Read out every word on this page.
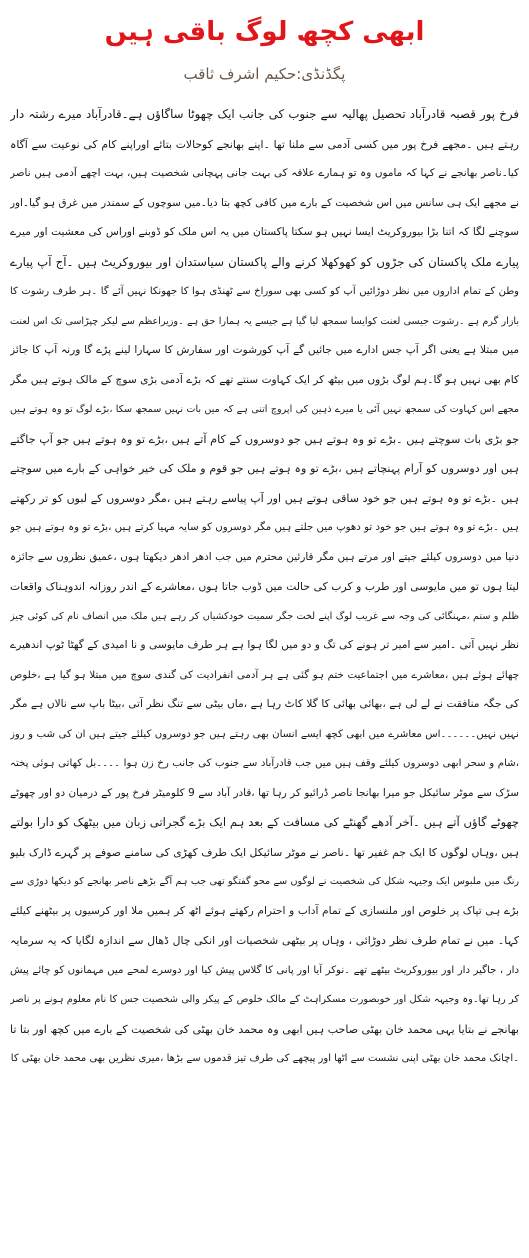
ابھی کچھ لوگ باقی ہیں
پگڈنڈی:حکیم اشرف ثاقب
فرخ پور قصبہ قادرآباد تحصیل پھالیہ سے جنوب کی جانب ایک چھوٹا ساگاؤں ہے۔قادرآباد میرے رشتہ دار
رہتے ہیں ۔مجھے فرخ پور میں کسی آدمی سے ملنا تھا ۔اپنے بھانجے کوحالات بتائے اوراپنے کام کی نوعیت سے آگاہ
کیا۔ناصر بھانجے نے کہا کہ ماموں وہ تو ہمارے علاقہ کی بہت جانی پہچانی شخصیت ہیں، بہت اچھے آدمی ہیں ناصر
نے مجھے ایک ہی سانس میں اس شخصیت کے بارے میں کافی کچھ بتا دیا۔میں سوچوں کے سمندر میں غرق ہو گیا۔اور
سوچنے لگا کہ اتنا بڑا بیوروکریٹ ایسا نہیں ہو سکتا پاکستان میں یہ اس ملک کو ڈوبنے اوراس کی معشیت اور میرے
پیارے ملک پاکستان کی جڑوں کو کھوکھلا کرنے والے پاکستان سیاستدان اور بیوروکریٹ ہیں ۔آج آپ پیارے
وطن کے تمام اداروں میں نظر دوڑائیں آپ کو کسی بھی سوراخ سے ٹھنڈی ہوا کا جھونکا نہیں آئے گا ۔ہر طرف رشوت کا
بازار گرم ہے ۔رشوت جیسی لعنت کوایسا سمجھ لیا گیا ہے جیسے یہ ہمارا حق ہے ۔وزیراعظم سے لیکر چپڑاسی تک اس لعنت
میں مبتلا ہے یعنی اگر آپ جس ادارے میں جائیں گے آپ کورشوت اور سفارش کا سہارا لینے پڑے گا ورنہ آپ کا جائز
کام بھی نہیں ہو گا۔ہم لوگ بڑوں میں بیٹھ کر ایک کہاوت سنتے تھے کہ بڑے آدمی بڑی سوچ کے مالک ہوتے ہیں مگر
مجھے اس کہاوت کی سمجھ نہیں آئی یا میرے ذہین کی اپروچ اتنی ہے کہ میں بات نہیں سمجھ سکا ،بڑے لوگ تو وہ ہوتے ہیں
جو بڑی بات سوچتے ہیں ۔بڑے تو وہ ہوتے ہیں جو دوسروں کے کام آتے ہیں ،بڑے تو وہ ہوتے ہیں جو آپ جاگتے
ہیں اور دوسروں کو آرام پہنچاتے ہیں ،بڑے تو وہ ہوتے ہیں جو قوم و ملک کی خیر خواہی کے بارے میں سوچتے
ہیں ۔بڑے تو وہ ہوتے ہیں جو خود ساقی ہوتے ہیں اور آپ پیاسے رہتے ہیں ،مگر دوسروں کے لبوں کو تر رکھتے
ہیں ۔بڑے تو وہ ہوتے ہیں جو خود تو دھوپ میں جلتے ہیں مگر دوسروں کو سایہ مہیا کرتے ہیں ،بڑے تو وہ ہوتے ہیں جو
دنیا میں دوسروں کیلئے جیتے اور مرتے ہیں مگر قارئین محترم میں جب ادھر ادھر دیکھتا ہوں ،عمیق نظروں سے جائزہ
لیتا ہوں تو میں مایوسی اور طرب و کرب کی حالت میں ڈوب جاتا ہوں ،معاشرے کے اندر روزانہ اندوہناک واقعات
ظلم و ستم ،مہنگائی کی وجہ سے غریب لوگ اپنے لخت جگر سمیت خودکشیاں کر رہے ہیں ملک میں انصاف نام کی کوئی چیز
نظر نہیں آتی ۔امیر سے امیر تر ہونے کی تگ و دو میں لگا ہوا ہے ہر طرف مایوسی و نا امیدی کے گھٹا ٹوپ اندھیرے
چھائے ہوئے ہیں ،معاشرے میں اجتماعیت ختم ہو گئی ہے ہر آدمی انفرادیت کی گندی سوچ میں مبتلا ہو گیا ہے ،خلوص
کی جگہ منافقت نے لے لی ہے ،بھائی بھائی کا گلا کاٹ رہا ہے ،ماں بیٹی سے تنگ نظر آتی ،بیٹا باپ سے نالاں ہے مگر
نہیں نہیں۔۔۔۔۔۔اس معاشرے میں ابھی کچھ ایسے انسان بھی رہتے ہیں جو دوسروں کیلئے جیتے ہیں ان کی شب و روز
،شام و سحر ابھی دوسروں کیلئے وقف ہیں میں جب قادرآباد سے جنوب کی جانب رخ زن ہوا ۔۔۔۔بل کھاتی ہوئی پختہ
سڑک سے موٹر سائیکل جو میرا بھانجا ناصر ڈرائیو کر رہا تھا ،قادر آباد سے 9 کلومیٹر فرخ پور کے درمیان دو اور چھوٹے
چھوٹے گاؤں آتے ہیں ۔آخر آدھے گھنٹے کی مسافت کے بعد ہم ایک بڑے گجراتی زبان میں بیٹھک کو دارا بولتے
ہیں ،وہاں لوگوں کا ایک جم غفیر تھا ۔ناصر نے موٹر سائیکل ایک طرف کھڑی کی سامنے صوفے پر گہرے ڈارک بلیو
رنگ میں ملبوس ایک وجیہہ شکل کی شخصیت نے لوگوں سے محو گفتگو تھی جب ہم آگے بڑھے ناصر بھانجے کو دیکھا دوڑی سے
بڑے ہی تپاک پر خلوص اور ملنسازی کے تمام آداب و احترام رکھتے ہوئے اٹھ کر ہمیں ملا اور کرسیوں پر بیٹھنے کیلئے
کہا۔ میں نے تمام طرف نظر دوڑائی ، وہاں پر بیٹھی شخصیات اور انکی چال ڈھال سے اندازہ لگایا کہ یہ سرمایہ
دار ، جاگیر دار اور بیوروکریٹ بیٹھے تھے ۔نوکر آیا اور پانی کا گلاس پیش کیا اور دوسرے لمحے میں مہمانوں کو چائے پیش
کر رہا تھا۔وہ وجیہہ شکل اور خوبصورت مسکراہٹ کے مالک خلوص کے پیکر والی شخصیت جس کا نام معلوم ہونے پر ناصر
بھانجے نے بتایا یہی محمد خان بھٹی صاحب ہیں ابھی وہ محمد خان بھٹی کی شخصیت کے بارے میں کچھ اور بتا تا
۔اچانک محمد خان بھٹی اپنی نشست سے اٹھا اور پیچھے کی طرف تیز قدموں سے بڑھا ،میری نظریں بھی محمد خان بھٹی کا
